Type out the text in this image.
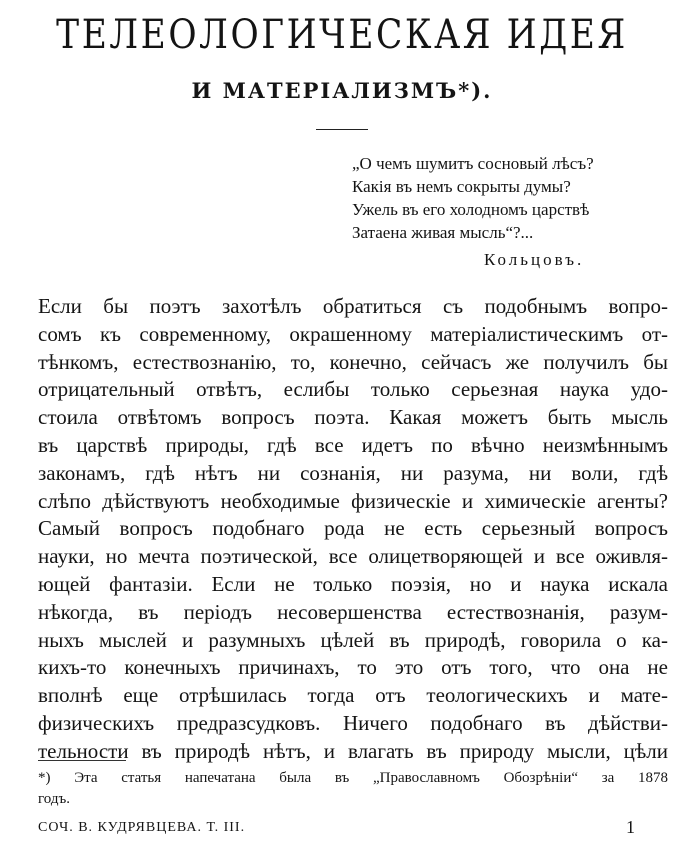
ТЕЛЕОЛОГИЧЕСКАЯ ИДЕЯ
И МАТЕРІАЛИЗМЪ*).
„О чемъ шумитъ сосновый лѣсъ?
Какія въ немъ сокрыты думы?
Ужель въ его холодномъ царствѣ
Затаена живая мысль“?...
Кольцовъ.
Если бы поэтъ захотѣлъ обратиться съ подобнымъ вопро-
сомъ къ современному, окрашенному матеріалистическимъ от-
тѣнкомъ, естествознанію, то, конечно, сейчасъ же получилъ бы
отрицательный отвѣтъ, еслибы только серьезная наука удо-
стоила отвѣтомъ вопросъ поэта. Какая можетъ быть мысль
въ царствѣ природы, гдѣ все идетъ по вѣчно неизмѣннымъ
законамъ, гдѣ нѣтъ ни сознанія, ни разума, ни воли, гдѣ
слѣпо дѣйствуютъ необходимые физическіе и химическіе агенты?
Самый вопросъ подобнаго рода не есть серьезный вопросъ
науки, но мечта поэтической, все олицетворяющей и все оживля-
ющей фантазіи. Если не только поэзія, но и наука искала
нѣкогда, въ періодъ несовершенства естествознанія, разум-
ныхъ мыслей и разумныхъ цѣлей въ природѣ, говорила о ка-
кихъ-то конечныхъ причинахъ, то это отъ того, что она не
вполнѣ еще отрѣшилась тогда отъ теологическихъ и мате-
физическихъ предразсудковъ. Ничего подобнаго въ дѣйстви-
тельности въ природѣ нѣтъ, и влагать въ природу мысли, цѣли
*) Эта статья напечатана была въ „Православномъ Обозрѣніи“ за 1878
годъ.
СОЧ. В. КУДРЯВЦЕВА. Т. III.	1
